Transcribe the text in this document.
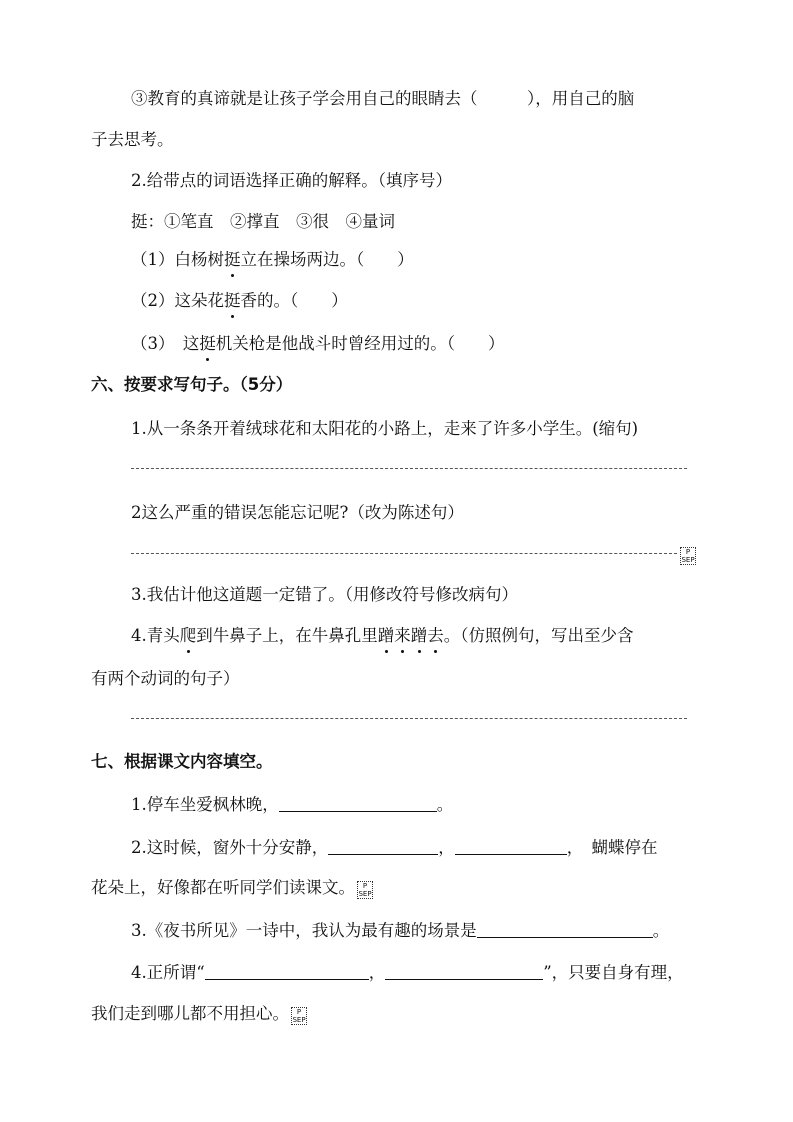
③教育的真谛就是让孩子学会用自己的眼睛去（　　　），用自己的脑
子去思考。
2.给带点的词语选择正确的解释。（填序号）
挺：①笔直　②撑直　③很　④量词
（1）白杨树挺立在操场两边。（　　）
（2）这朵花挺香的。（　　）
（3）　这挺机关枪是他战斗时曾经用过的。（　　）
六、按要求写句子。（5分）
1.从一条条开着绒球花和太阳花的小路上，走来了许多小学生。(缩句)
2这么严重的错误怎能忘记呢?（改为陈述句）
P
SEP
3.我估计他这道题一定错了。（用修改符号修改病句）
4.青头爬到牛鼻子上，在牛鼻孔里蹭来蹭去。（仿照例句，写出至少含
有两个动词的句子）
七、根据课文内容填空。
1.停车坐爱枫林晚，	。
2.这时候，窗外十分安静，	，	，　蝴蝶停在
花朵上，好像都在听同学们读课文。	P
SEP
3.《夜书所见》一诗中，我认为最有趣的场景是	。
4.正所谓“	，	”，只要自身有理，
我们走到哪儿都不用担心。	P
SEP
